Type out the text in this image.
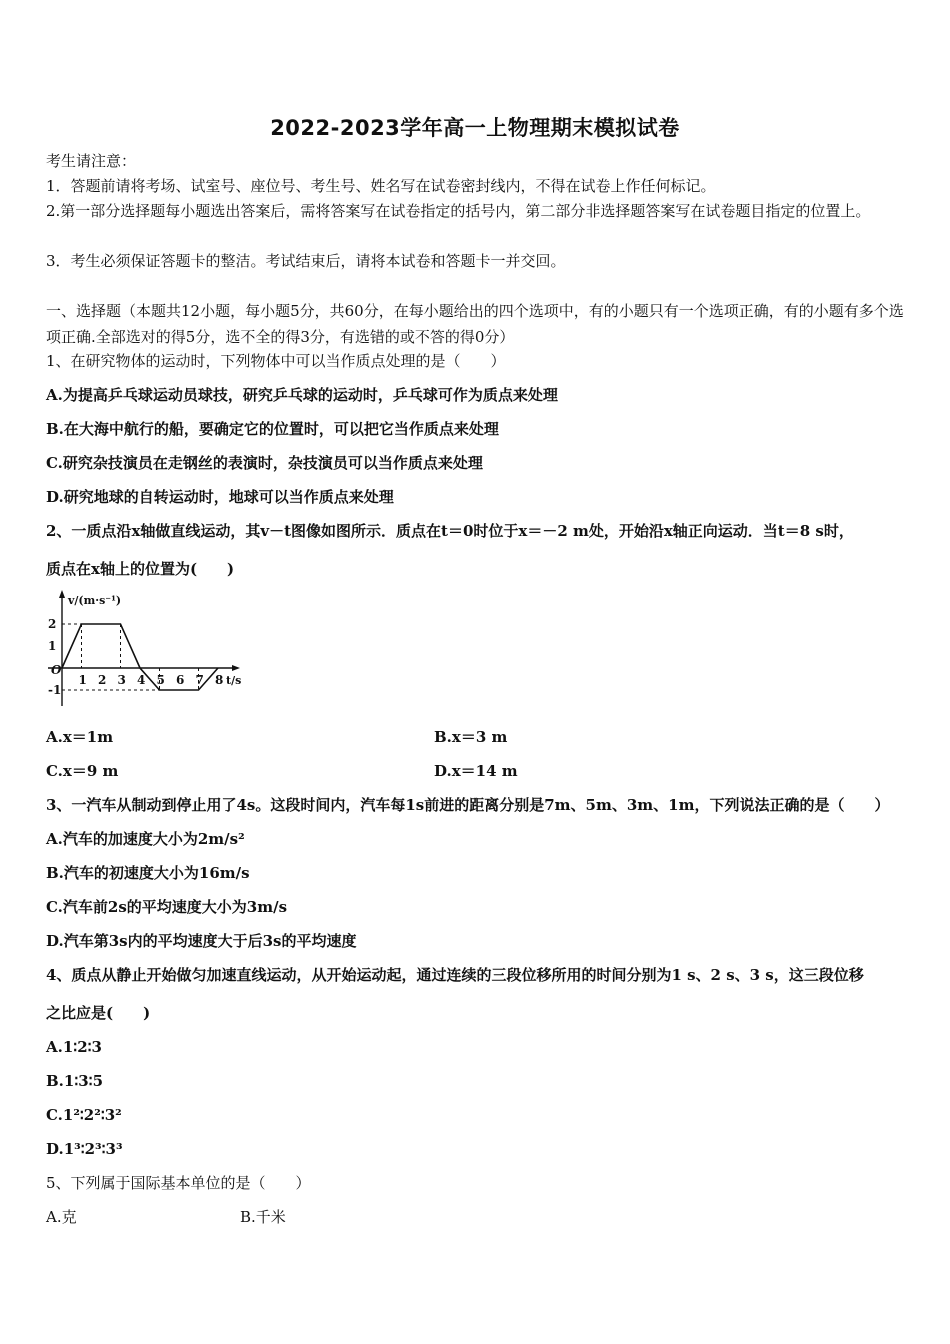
2022-2023学年高一上物理期末模拟试卷
考生请注意：
1．答题前请将考场、试室号、座位号、考生号、姓名写在试卷密封线内，不得在试卷上作任何标记。
2.第一部分选择题每小题选出答案后，需将答案写在试卷指定的括号内，第二部分非选择题答案写在试卷题目指定的位置上。
3．考生必须保证答题卡的整洁。考试结束后，请将本试卷和答题卡一并交回。
一、选择题（本题共12小题，每小题5分，共60分，在每小题给出的四个选项中，有的小题只有一个选项正确，有的小题有多个选项正确.全部选对的得5分，选不全的得3分，有选错的或不答的得0分）
1、在研究物体的运动时，下列物体中可以当作质点处理的是（　　）
A.为提高乒乓球运动员球技，研究乒乓球的运动时，乒乓球可作为质点来处理
B.在大海中航行的船，要确定它的位置时，可以把它当作质点来处理
C.研究杂技演员在走钢丝的表演时，杂技演员可以当作质点来处理
D.研究地球的自转运动时，地球可以当作质点来处理
2、一质点沿x轴做直线运动，其v－t图像如图所示．质点在t＝0时位于x＝－2 m处，开始沿x轴正向运动．当t＝8 s时，
质点在x轴上的位置为(　　)
2
1
-1
1 2 3 4 5 6 7 8
v/(m·s⁻¹)
t/s
O
A.x＝1m	B.x＝3 m
C.x＝9 m	D.x＝14 m
3、一汽车从制动到停止用了4s。这段时间内，汽车每1s前进的距离分别是7m、5m、3m、1m，下列说法正确的是（　　）
A.汽车的加速度大小为2m/s²
B.汽车的初速度大小为16m/s
C.汽车前2s的平均速度大小为3m/s
D.汽车第3s内的平均速度大于后3s的平均速度
4、质点从静止开始做匀加速直线运动，从开始运动起，通过连续的三段位移所用的时间分别为1 s、2 s、3 s，这三段位移
之比应是(　　)
A.1∶2∶3
B.1∶3∶5
C.1²∶2²∶3²
D.1³∶2³∶3³
5、下列属于国际基本单位的是（　　）
A.克	B.千米
